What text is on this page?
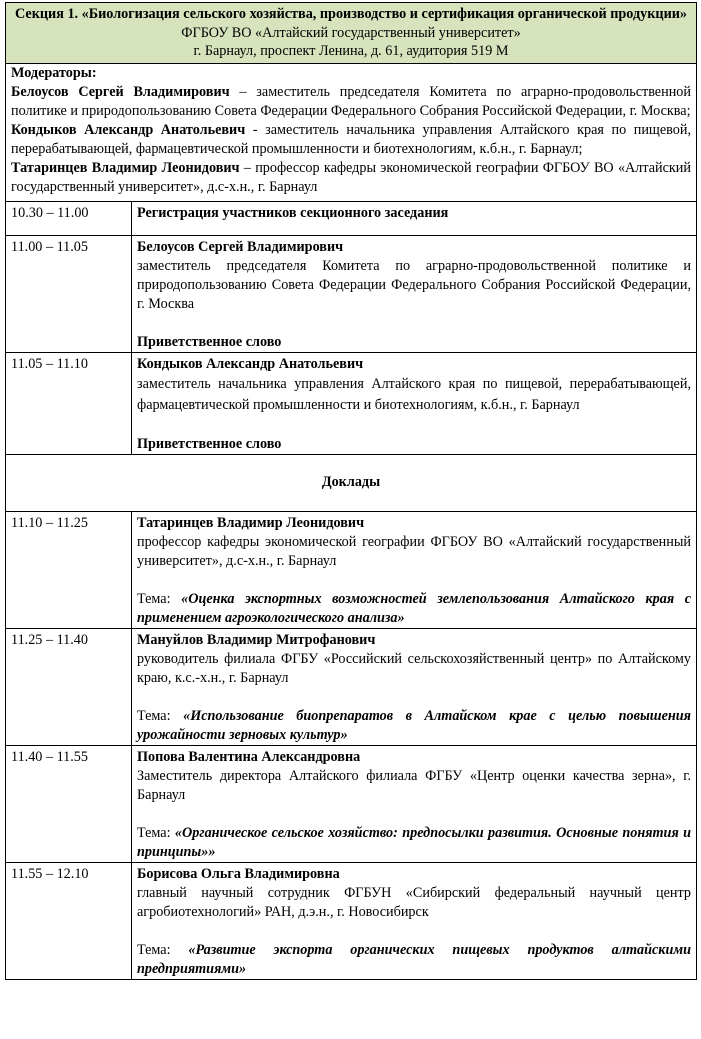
Секция 1. «Биологизация сельского хозяйства, производство и сертификация органической продукции»
ФГБОУ ВО «Алтайский государственный университет»
г. Барнаул, проспект Ленина, д. 61, аудитория 519 М	

Модераторы:

Белоусов Сергей Владимирович – заместитель председателя Комитета по аграрно-продовольственной политике и природопользованию Совета Федерации Федерального Собрания Российской Федерации, г. Москва;

Кондыков Александр Анатольевич - заместитель начальника управления Алтайского края по пищевой, перерабатывающей, фармацевтической промышленности и биотехнологиям, к.б.н., г. Барнаул;

Татаринцев Владимир Леонидович – профессор кафедры экономической географии ФГБОУ ВО «Алтайский государственный университет», д.с-х.н., г. Барнаул	

10.30 – 11.00	Регистрация участников секционного заседания
11.00 – 11.05	Белоусов Сергей Владимирович
заместитель председателя Комитета по аграрно-продовольственной политике и природопользованию Совета Федерации Федерального Собрания Российской Федерации, г. Москва
Приветственное слово

11.05 – 11.10	Кондыков Александр Анатольевич
заместитель начальника управления Алтайского края по пищевой, перерабатывающей, фармацевтической промышленности и биотехнологиям, к.б.н., г. Барнаул
Приветственное слово

Доклады	
11.10 – 11.25	Татаринцев Владимир Леонидович
профессор кафедры экономической географии ФГБОУ ВО «Алтайский государственный университет», д.с-х.н., г. Барнаул
Тема: «Оценка экспортных возможностей землепользования Алтайского края с применением агроэкологического анализа»

11.25 – 11.40	Мануйлов Владимир Митрофанович
руководитель филиала ФГБУ «Российский сельскохозяйственный центр» по Алтайскому краю, к.с.-х.н., г. Барнаул
Тема: «Использование биопрепаратов в Алтайском крае с целью повышения урожайности зерновых культур»

11.40 – 11.55	Попова Валентина Александровна
Заместитель директора Алтайского филиала ФГБУ «Центр оценки качества зерна», г. Барнаул
Тема: «Органическое сельское хозяйство: предпосылки развития. Основные понятия и принципы»»

11.55 – 12.10	Борисова Ольга Владимировна
главный научный сотрудник ФГБУН «Сибирский федеральный научный центр агробиотехнологий» РАН, д.э.н., г. Новосибирск
Тема: «Развитие экспорта органических пищевых продуктов алтайскими предприятиями»
